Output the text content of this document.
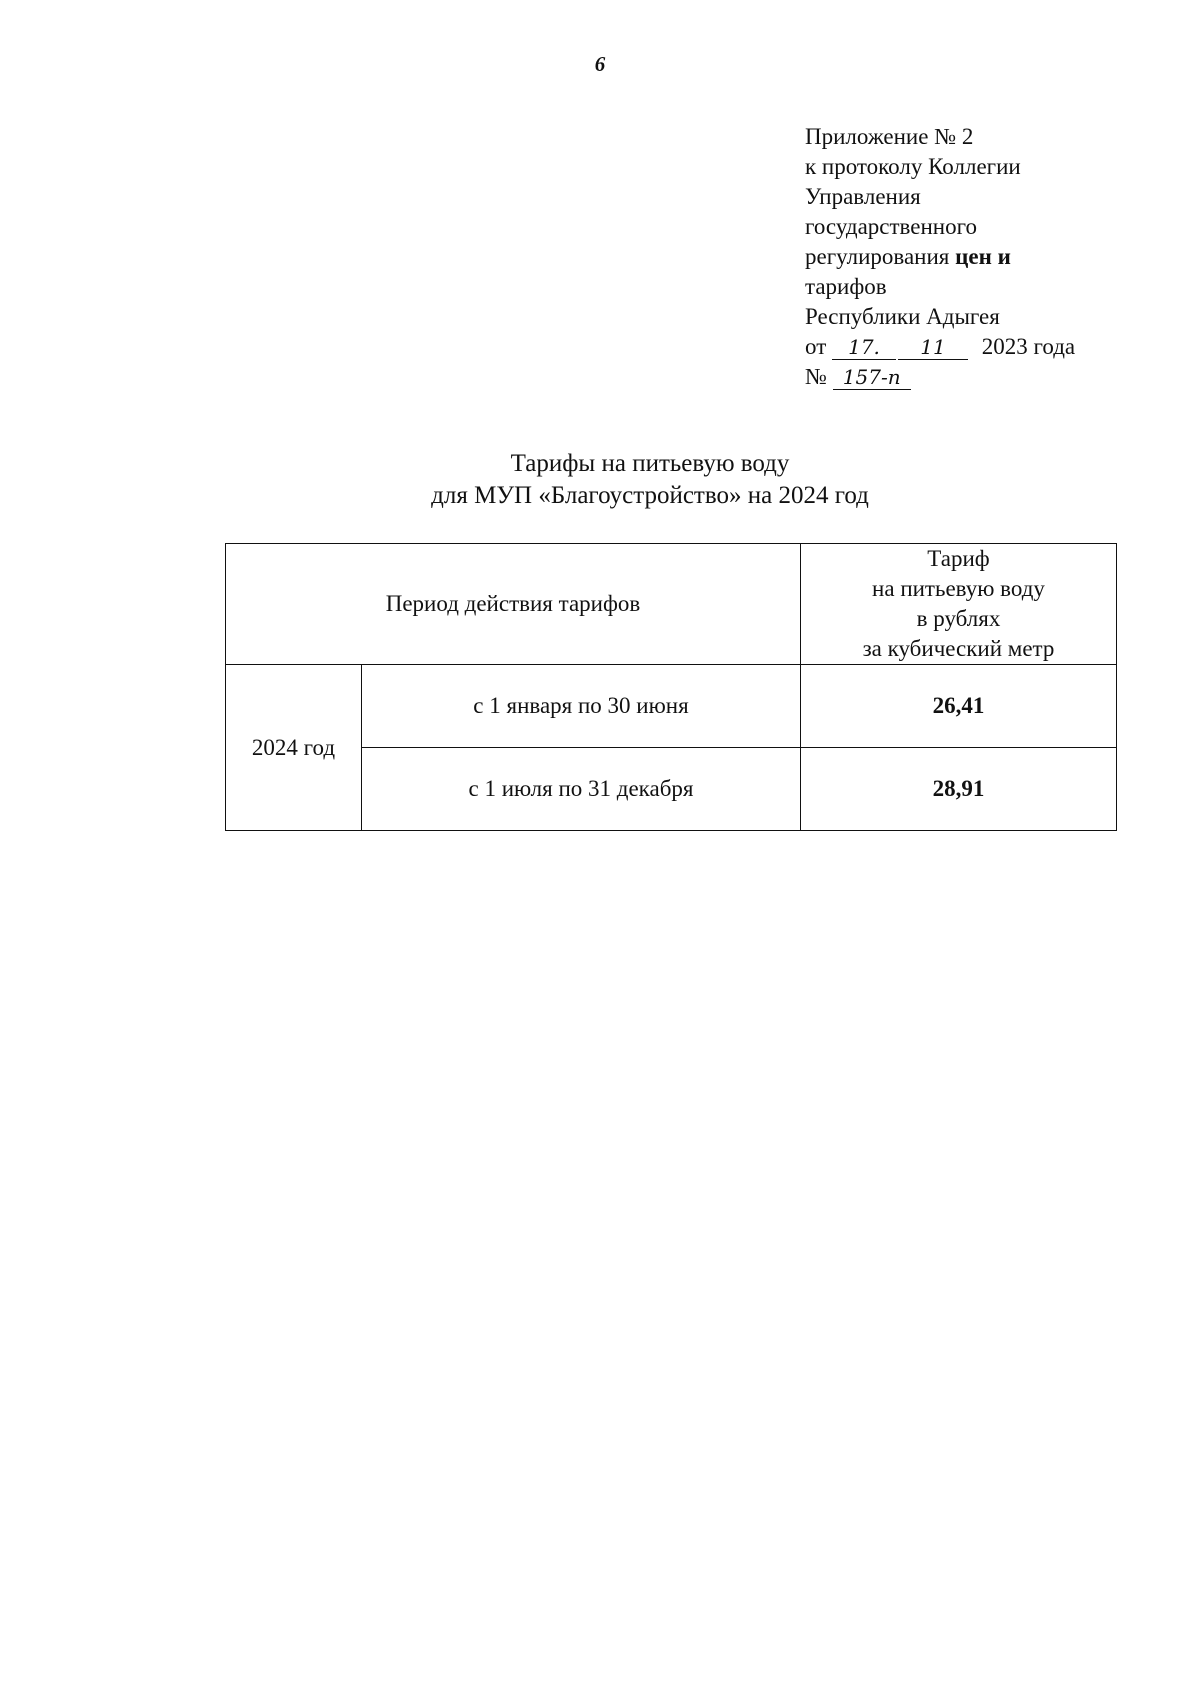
6
Приложение № 2
к протоколу Коллегии
Управления
государственного
регулирования цен и
тарифов
Республики Адыгея
от 17. 11 2023 года
№ 157-п
Тарифы на питьевую воду
для МУП «Благоустройство» на 2024 год
Период действия тарифов		Тариф
на питьевую воду
в рублях
за кубический метр

2024 год	с 1 января по 30 июня	26,41
	с 1 июля по 31 декабря	28,91
